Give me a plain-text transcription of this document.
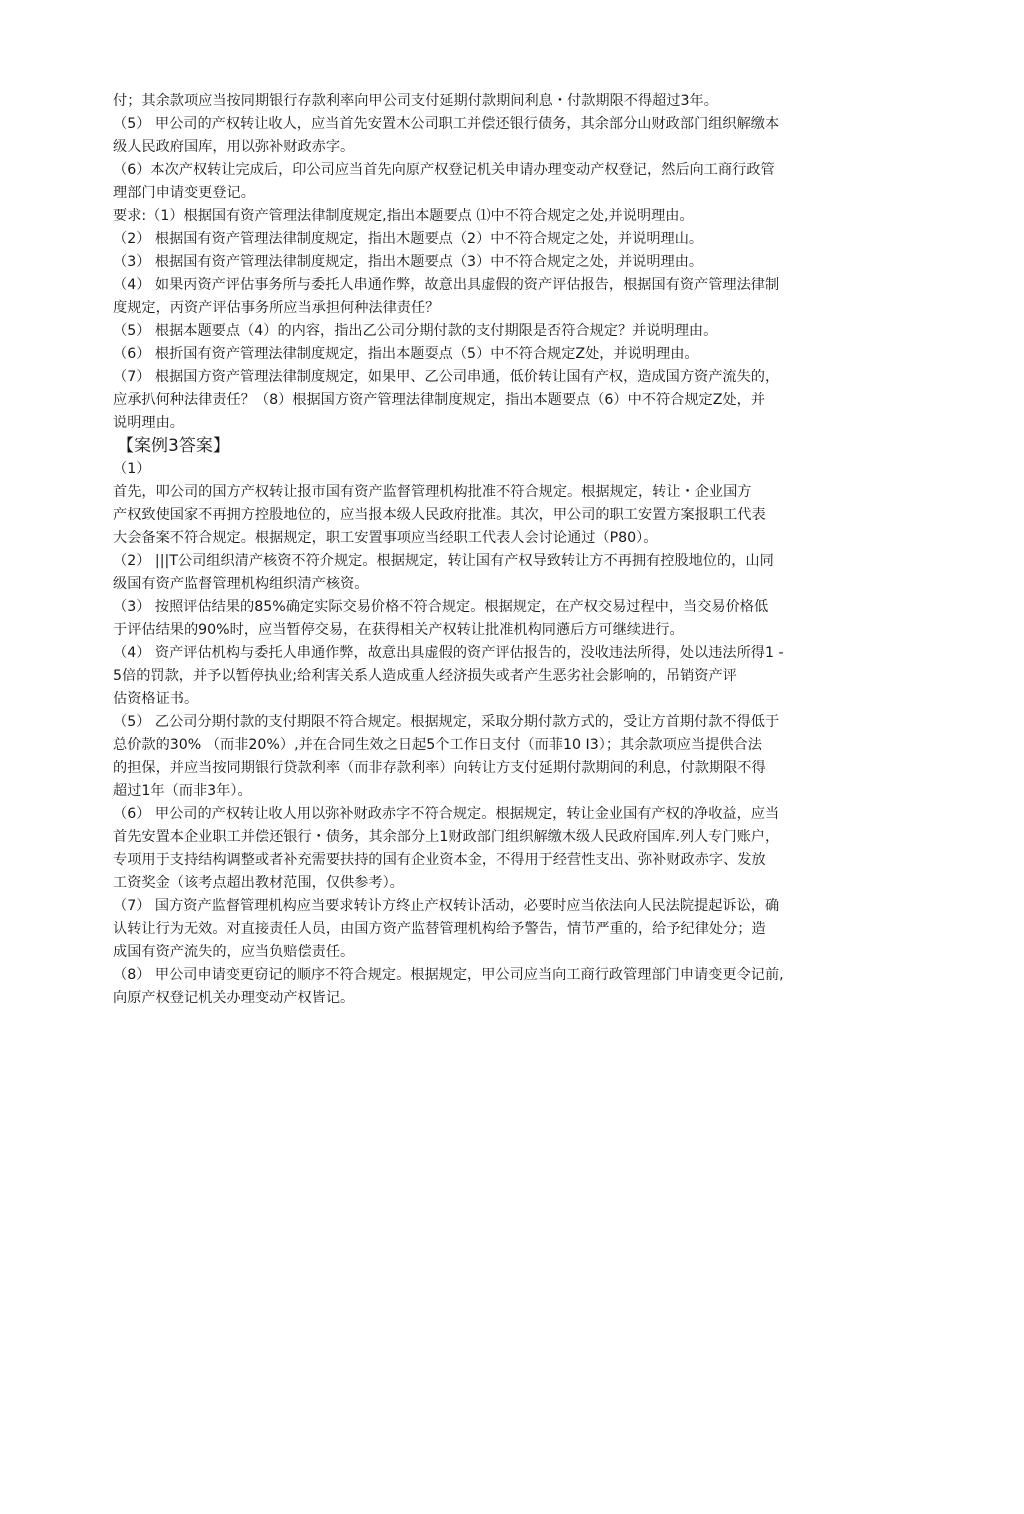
付；其余款项应当按同期银行存款利率向甲公司支付延期付款期间利息・付款期限不得超过3年。
（5） 甲公司的产权转让收人，应当首先安置木公司职工并偿还银行债务，其余部分山财政部门组织解缴本
级人民政府国库，用以弥补财政赤字。
（6）本次产权转让完成后，印公司应当首先向原产权登记机关申请办理变动产权登记，然后向工商行政管
理部门申请变更登记。
要求:（1）根据国有资产管理法律制度规定,指出本题要点 ⑴中不符合规定之处,并说明理由。
（2） 根据国有资产管理法律制度规定，指出木题要点（2）中不符合规定之处，并说明理山。
（3） 根据国有资产管理法律制度规定，指出木题要点（3）中不符合规定之处，并说明理由。
（4） 如果丙资产评估事务所与委托人串通作弊，故意出具虚假的资产评估报告，根据国有资产管理法律制
度规定，丙资产评估事务所应当承担何种法律责任？
（5） 根据本题要点（4）的内容，指出乙公司分期付款的支付期限是否符合规定？并说明理由。
（6） 根折国有资产管理法律制度规定，指出本题耍点（5）中不符合规定Z处，并说明理由。
（7） 根据国方资产管理法律制度规定，如果甲、乙公司串通，低价转让国有产权，造成国方资产流失的，
应承扒何种法律责任？（8）根据国方资产管理法律制度规定，指出本题要点（6）中不符合规定Z处，并
说明理由。
【案例3答案】
（1）
首先，叩公司的国方产权转让报市国有资产监督管理机构批准不符合规定。根据规定，转让・企业国方
产权致使国家不再拥方控股地位的，应当报本级人民政府批准。其次，甲公司的职工安置方案报职工代表
大会备案不符合规定。根据规定，职工安置事项应当经职工代表人会讨论通过（P80）。
（2） |||T公司组织清产核资不符介规定。根据规定，转让国有产权导致转让方不再拥有控股地位的，山同
级国有资产监督管理机构组织清产核资。
（3） 按照评估结果的85%确定实际交易价格不符合规定。根据规定，在产权交易过程中，当交易价格低
于评估结果的90%时，应当暂停交易，在获得相关产权转让批准机构同懣后方可继续进行。
（4） 资产评估机构与委托人串通作弊，故意出具虚假的资产评估报告的，没收违法所得，处以违法所得1 -
5倍的罚款，并予以暂停执业;给利害关系人造成重人经济损失或者产生恶劣社会影响的，吊销资产评
估资格证书。
（5） 乙公司分期付款的支付期限不符合规定。根据规定，采取分期付款方式的，受让方首期付款不得低于
总价款的30% （而非20%）,并在合同生效之日起5个工作日支付（而菲10 I3）；其余款项应当提供合法
的担保，并应当按同期银行贷款利率（而非存款利率）向转让方支付延期付款期间的利息，付款期限不得
超过1年（而非3年）。
（6） 甲公司的产权转让收人用以弥补财政赤字不符合规定。根据规定，转让金业国有产权的净收益，应当
首先安置本企业职工并偿还银行・债务，其余部分上1财政部门组织解缴木级人民政府国库.列人专门账户，
专项用于支持结构调整或者补充需要扶持的国有企业资本金，不得用于经营性支出、弥补财政赤字、发放
工资奖金（该考点超出教材范围，仅供参考）。
（7） 国方资产监督管理机构应当要求转讣方终止产权转讣活动，必要时应当依法向人民法院提起诉讼，确
认转让行为无效。对直接责任人员，由国方资产监替管理机构给予警告，情节严重的，给予纪律处分；造
成国有资产流失的，应当负赔偿责任。
（8） 甲公司申请变更窃记的顺序不符合规定。根据规定，甲公司应当向工商行政管理部门申请变更令记前,
向原产权登记机关办理变动产权皆记。
